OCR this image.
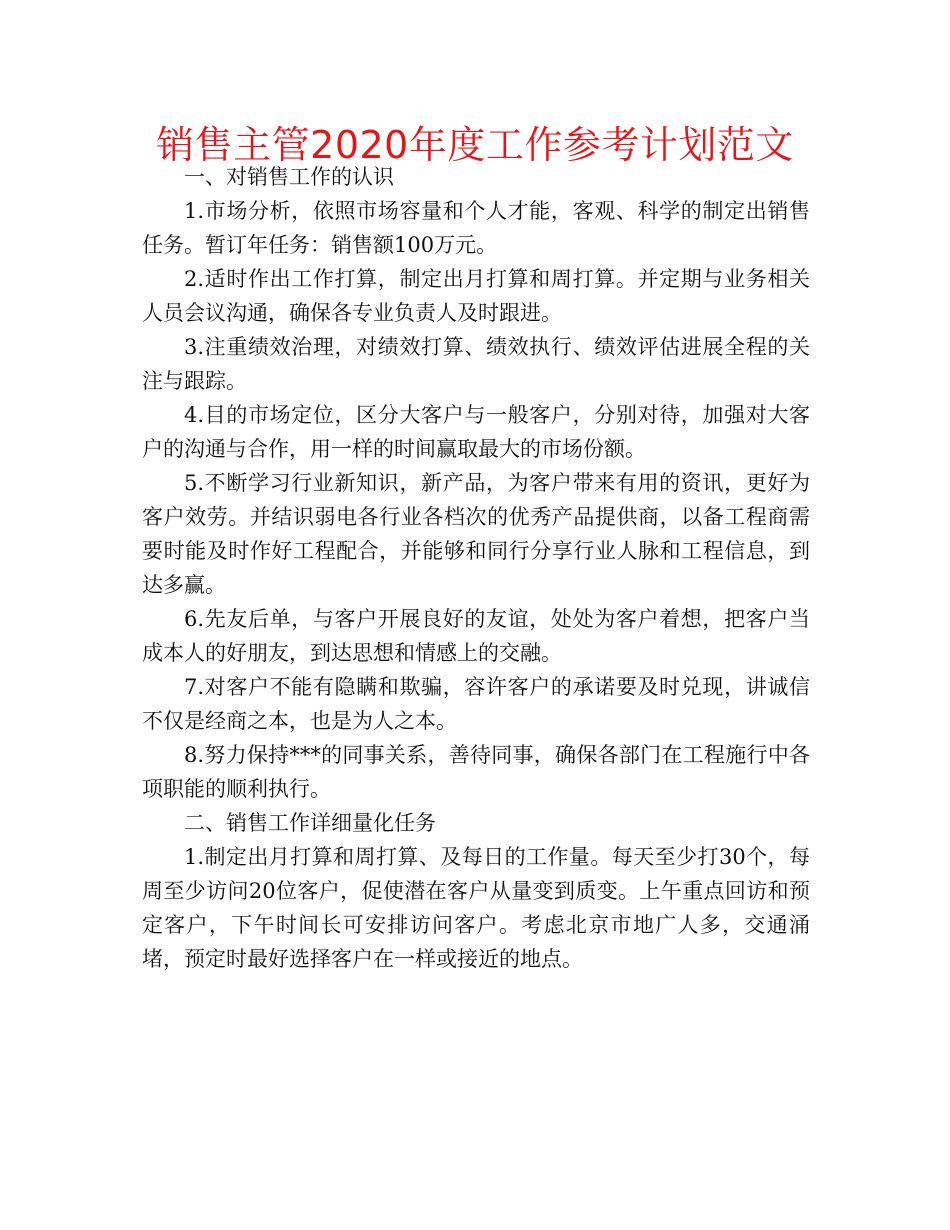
销售主管2020年度工作参考计划范文

一、对销售工作的认识

1.市场分析，依照市场容量和个人才能，客观、科学的制定出销售任务。暂订年任务：销售额100万元。

2.适时作出工作打算，制定出月打算和周打算。并定期与业务相关人员会议沟通，确保各专业负责人及时跟进。

3.注重绩效治理，对绩效打算、绩效执行、绩效评估进展全程的关注与跟踪。

4.目的市场定位，区分大客户与一般客户，分别对待，加强对大客户的沟通与合作，用一样的时间赢取最大的市场份额。

5.不断学习行业新知识，新产品，为客户带来有用的资讯，更好为客户效劳。并结识弱电各行业各档次的优秀产品提供商，以备工程商需要时能及时作好工程配合，并能够和同行分享行业人脉和工程信息，到达多赢。

6.先友后单，与客户开展良好的友谊，处处为客户着想，把客户当成本人的好朋友，到达思想和情感上的交融。

7.对客户不能有隐瞒和欺骗，容许客户的承诺要及时兑现，讲诚信不仅是经商之本，也是为人之本。

8.努力保持***的同事关系，善待同事，确保各部门在工程施行中各项职能的顺利执行。

二、销售工作详细量化任务

1.制定出月打算和周打算、及每日的工作量。每天至少打30个，每周至少访问20位客户，促使潜在客户从量变到质变。上午重点回访和预定客户，下午时间长可安排访问客户。考虑北京市地广人多，交通涌堵，预定时最好选择客户在一样或接近的地点。
